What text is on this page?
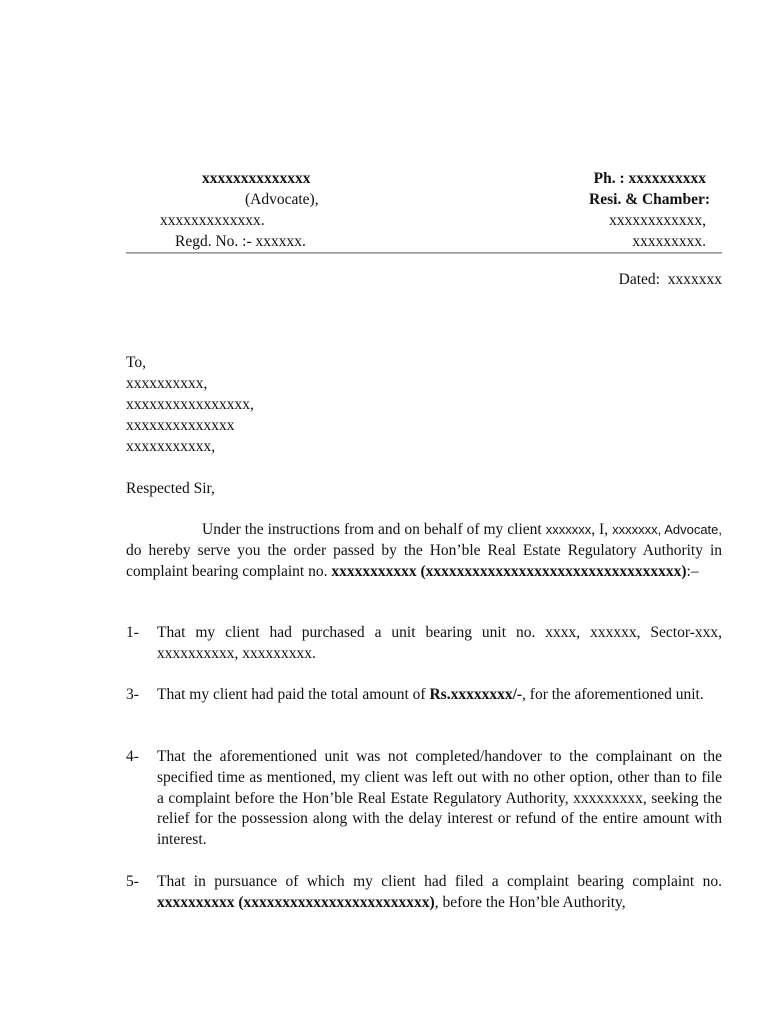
xxxxxxxxxxxxxx
(Advocate),
xxxxxxxxxxxxx.
Regd. No. :- xxxxxx.
Ph. : xxxxxxxxxx
Resi. & Chamber:
xxxxxxxxxxxx,
xxxxxxxxx.
Dated: xxxxxxx
To,
xxxxxxxxxx,
xxxxxxxxxxxxxxxx,
xxxxxxxxxxxxxx
xxxxxxxxxxx,
Respected Sir,
Under the instructions from and on behalf of my client xxxxxxx, I, xxxxxxx, Advocate, do hereby serve you the order passed by the Hon’ble Real Estate Regulatory Authority in complaint bearing complaint no. xxxxxxxxxxx (xxxxxxxxxxxxxxxxxxxxxxxxxxxxxxxxx):–
1- That my client had purchased a unit bearing unit no. xxxx, xxxxxx, Sector-xxx, xxxxxxxxxx, xxxxxxxxx.
3- That my client had paid the total amount of Rs.xxxxxxxx/-, for the aforementioned unit.
4- That the aforementioned unit was not completed/handover to the complainant on the specified time as mentioned, my client was left out with no other option, other than to file a complaint before the Hon’ble Real Estate Regulatory Authority, xxxxxxxxx, seeking the relief for the possession along with the delay interest or refund of the entire amount with interest.
5- That in pursuance of which my client had filed a complaint bearing complaint no. xxxxxxxxxx (xxxxxxxxxxxxxxxxxxxxxxxx), before the Hon’ble Authority,
